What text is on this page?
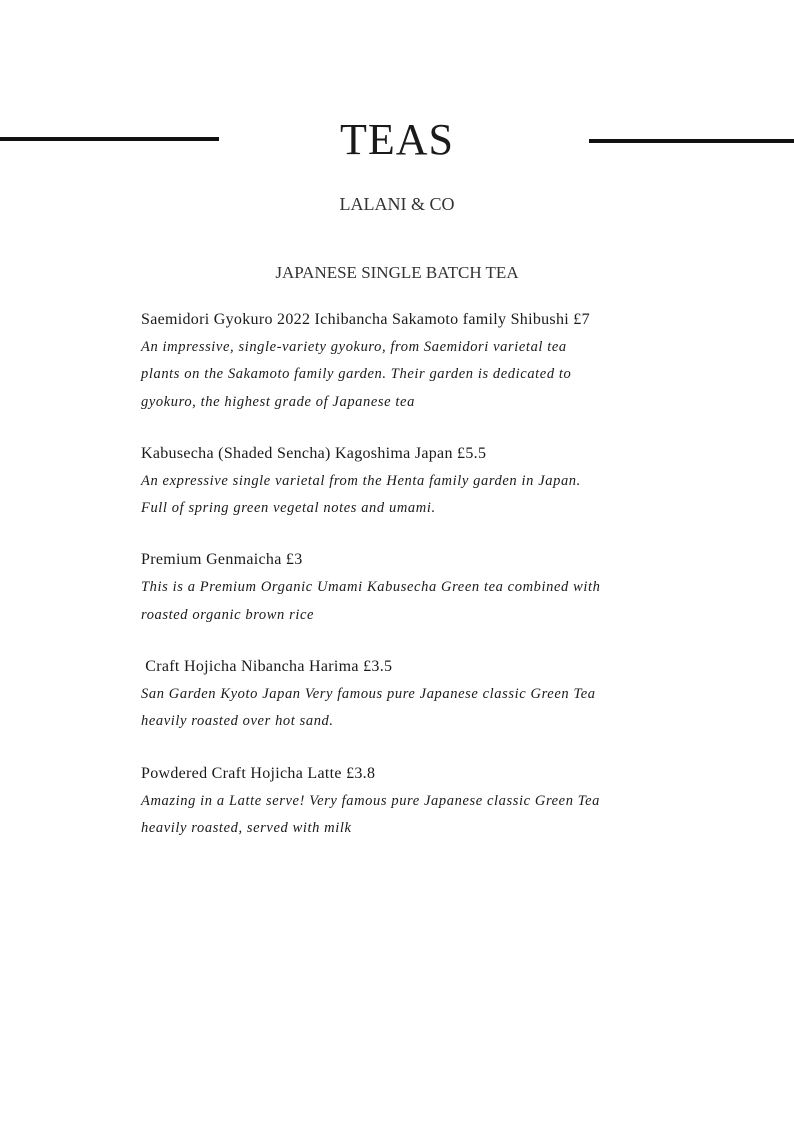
TEAS
LALANI & CO
JAPANESE SINGLE BATCH TEA
Saemidori Gyokuro 2022 Ichibancha Sakamoto family Shibushi £7
An impressive, single-variety gyokuro, from Saemidori varietal tea
plants on the Sakamoto family garden. Their garden is dedicated to
gyokuro, the highest grade of Japanese tea
Kabusecha (Shaded Sencha) Kagoshima Japan £5.5
An expressive single varietal from the Henta family garden in Japan.
Full of spring green vegetal notes and umami.
Premium Genmaicha £3
This is a Premium Organic Umami Kabusecha Green tea combined with
roasted organic brown rice
Craft Hojicha Nibancha Harima £3.5
San Garden Kyoto Japan Very famous pure Japanese classic Green Tea
heavily roasted over hot sand.
Powdered Craft Hojicha Latte £3.8
Amazing in a Latte serve! Very famous pure Japanese classic Green Tea
heavily roasted, served with milk
